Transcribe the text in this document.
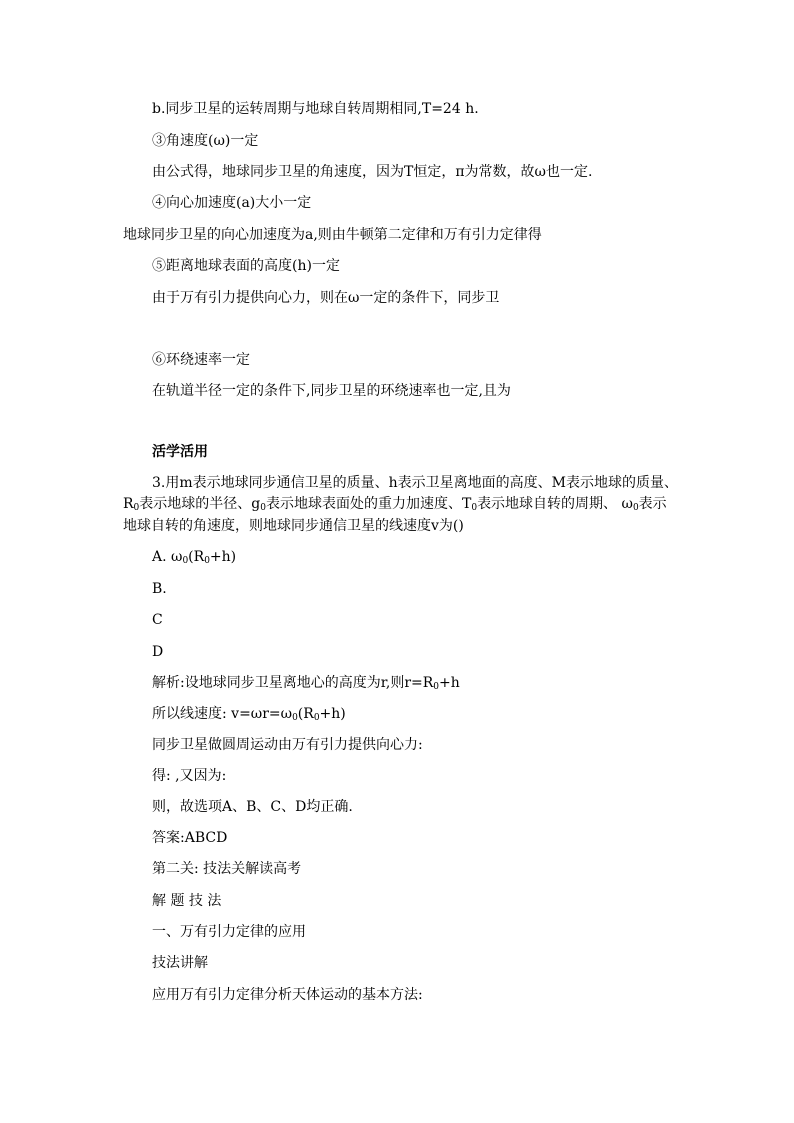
b.同步卫星的运转周期与地球自转周期相同,T=24 h.
③角速度(ω)一定
由公式得，地球同步卫星的角速度，因为T恒定，π为常数，故ω也一定.
④向心加速度(a)大小一定
地球同步卫星的向心加速度为a,则由牛顿第二定律和万有引力定律得
⑤距离地球表面的高度(h)一定
由于万有引力提供向心力，则在ω一定的条件下，同步卫
⑥环绕速率一定
在轨道半径一定的条件下,同步卫星的环绕速率也一定,且为
活学活用
3.用m表示地球同步通信卫星的质量、h表示卫星离地面的高度、M表示地球的质量、
$R_0$表示地球的半径、$g_0$表示地球表面处的重力加速度、$T_0$表示地球自转的周期、 $\omega_0$表示
地球自转的角速度，则地球同步通信卫星的线速度v为()
A. $\omega_0(R_0+h)$
B.
C
D
解析:设地球同步卫星离地心的高度为r,则$r=R_0+h$
所以线速度: $v=\omega r=\omega_0(R_0+h)$
同步卫星做圆周运动由万有引力提供向心力:
得: ,又因为:
则，故选项A、B、C、D均正确.
答案:ABCD
第二关: 技法关解读高考
解 题 技 法
一、万有引力定律的应用
技法讲解
应用万有引力定律分析天体运动的基本方法:
